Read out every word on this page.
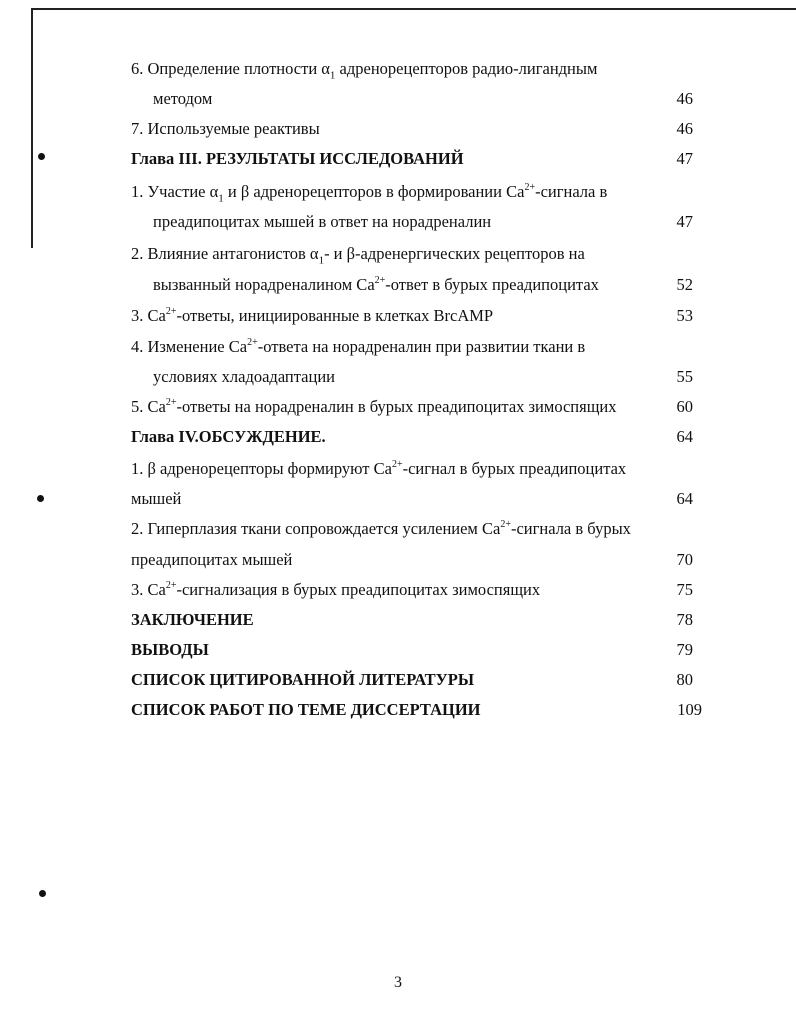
6. Определение плотности $\alpha_1$ адренорецепторов радио-лигандным
методом	46
7. Используемые реактивы	46
Глава III. РЕЗУЛЬТАТЫ ИССЛЕДОВАНИЙ	47
1. Участие $\alpha_1$ и β адренорецепторов в формировании $Ca^{2+}$-сигнала в
преадипоцитах мышей в ответ на норадреналин	47
2. Влияние антагонистов $\alpha_1-$ и β-адренергических рецепторов на
вызванный норадреналином $Ca^{2+}$-ответ в бурых преадипоцитах	52
3. $Ca^{2+}$-ответы, инициированные в клетках BrcAMP	53
4. Изменение $Ca^{2+}$-ответа на норадреналин при развитии ткани в
условиях хладоадаптации	55
5. $Ca^{2+}$-ответы на норадреналин в бурых преадипоцитах зимоспящих	60
Глава IV.ОБСУЖДЕНИЕ.	64
1. β адренорецепторы формируют $Ca^{2+}$-сигнал в бурых преадипоцитах
мышей	64
2. Гиперплазия ткани сопровождается усилением $Ca^{2+}$-сигнала в бурых
преадипоцитах мышей	70
3. $Ca^{2+}$-сигнализация в бурых преадипоцитах зимоспящих	75
ЗАКЛЮЧЕНИЕ	78
ВЫВОДЫ	79
СПИСОК ЦИТИРОВАННОЙ ЛИТЕРАТУРЫ	80
СПИСОК РАБОТ ПО ТЕМЕ ДИССЕРТАЦИИ	109
3
